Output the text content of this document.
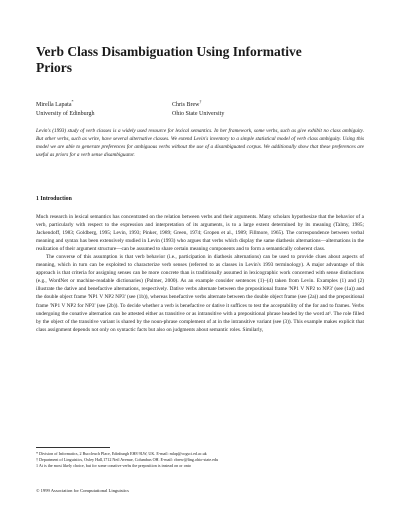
Verb Class Disambiguation Using Informative Priors
Mirella Lapata*
University of Edinburgh
Chris Brew†
Ohio State University

Levin's (1993) study of verb classes is a widely used resource for lexical semantics. In her framework, some verbs, such as give exhibit no class ambiguity. But other verbs, such as write, have several alternative classes. We extend Levin's inventory to a simple statistical model of verb class ambiguity. Using this model we are able to generate preferences for ambiguous verbs without the use of a disambiguated corpus. We additionally show that these preferences are useful as priors for a verb sense disambiguator.

1 Introduction

Much research in lexical semantics has concentrated on the relation between verbs and their arguments. Many scholars hypothesize that the behavior of a verb, particularly with respect to the expression and interpretation of its arguments, is to a large extent determined by its meaning (Talmy, 1985; Jackendoff, 1983; Goldberg, 1995; Levin, 1993; Pinker, 1989; Green, 1974; Gropen et al., 1989; Fillmore, 1965). The correspondence between verbal meaning and syntax has been extensively studied in Levin (1993) who argues that verbs which display the same diathesis alternations—alternations in the realization of their argument structure—can be assumed to share certain meaning components and to form a semantically coherent class.

The converse of this assumption is that verb behavior (i.e., participation in diathesis alternations) can be used to provide clues about aspects of meaning, which in turn can be exploited to characterize verb senses (referred to as classes in Levin's 1993 terminology). A major advantage of this approach is that criteria for assigning senses can be more concrete than is traditionally assumed in lexicographic work concerned with sense distinctions (e.g., WordNet or machine-readable dictionaries) (Palmer, 2000). As an example consider sentences (1)–(4) taken from Levin. Examples (1) and (2) illustrate the dative and benefactive alternations, respectively. Dative verbs alternate between the prepositional frame 'NP1 V NP2 to NP3' (see (1a)) and the double object frame 'NP1 V NP2 NP3' (see (1b)), whereas benefactive verbs alternate between the double object frame (see (2a)) and the prepositional frame 'NP1 V NP2 for NP3' (see (2b)). To decide whether a verb is benefactive or dative it suffices to test the acceptability of the for and to frames. Verbs undergoing the conative alternation can be attested either as transitive or as intransitive with a prepositional phrase headed by the word at¹. The role filled by the object of the transitive variant is shared by the noun-phrase complement of at in the intransitive variant (see (3)). This example makes explicit that class assignment depends not only on syntactic facts but also on judgments about semantic roles. Similarly,

* Division of Informatics, 2 Buccleuch Place, Edinburgh EH8 9LW, UK. E-mail: mlap@cogsci.ed.ac.uk
† Department of Linguistics, Oxley Hall,1712 Neil Avenue, Columbus OH. E-mail: cbrew@ling.ohio-state.edu
1 At is the most likely choice, but for some conative verbs the preposition is instead on or onto
© 1999 Association for Computational Linguistics
